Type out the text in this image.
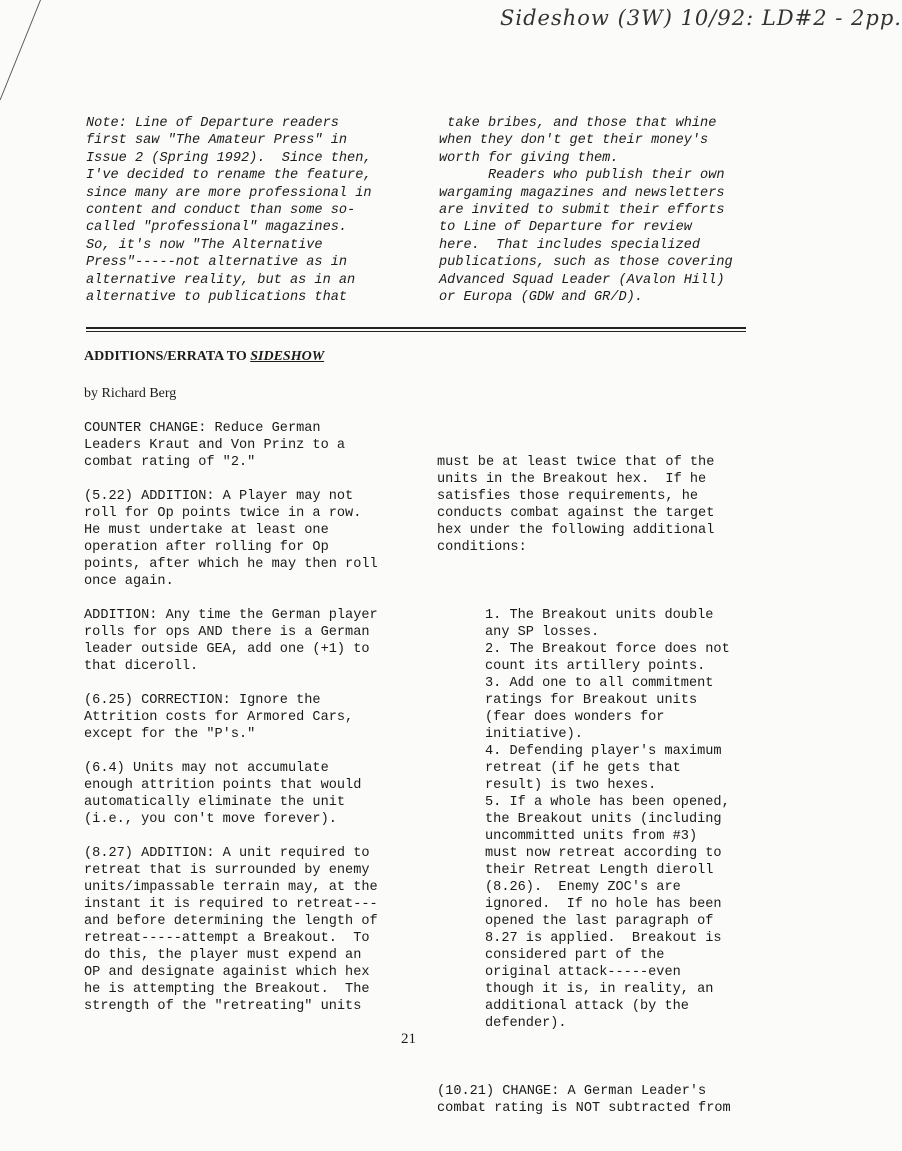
Sideshow (3W) 10/92: LD#2 - 2pp.
Note: Line of Departure readers
first saw "The Amateur Press" in
Issue 2 (Spring 1992).  Since then,
I've decided to rename the feature,
since many are more professional in
content and conduct than some so-
called "professional" magazines.
So, it's now "The Alternative
Press"-----not alternative as in
alternative reality, but as in an
alternative to publications that
take bribes, and those that whine
when they don't get their money's
worth for giving them.
Readers who publish their own
wargaming magazines and newsletters
are invited to submit their efforts
to Line of Departure for review
here.  That includes specialized
publications, such as those covering
Advanced Squad Leader (Avalon Hill)
or Europa (GDW and GR/D).
ADDITIONS/ERRATA TO SIDESHOW
by Richard Berg
COUNTER CHANGE: Reduce German
Leaders Kraut and Von Prinz to a
combat rating of "2."
(5.22) ADDITION: A Player may not
roll for Op points twice in a row.
He must undertake at least one
operation after rolling for Op
points, after which he may then roll
once again.
ADDITION: Any time the German player
rolls for ops AND there is a German
leader outside GEA, add one (+1) to
that diceroll.
(6.25) CORRECTION: Ignore the
Attrition costs for Armored Cars,
except for the "P's."
(6.4) Units may not accumulate
enough attrition points that would
automatically eliminate the unit
(i.e., you con't move forever).
(8.27) ADDITION: A unit required to
retreat that is surrounded by enemy
units/impassable terrain may, at the
instant it is required to retreat---
and before determining the length of
retreat-----attempt a Breakout.  To
do this, the player must expend an
OP and designate againist which hex
he is attempting the Breakout.  The
strength of the "retreating" units

must be at least twice that of the
units in the Breakout hex.  If he
satisfies those requirements, he
conducts combat against the target
hex under the following additional
conditions:

1. The Breakout units double
any SP losses.
2. The Breakout force does not
count its artillery points.
3. Add one to all commitment
ratings for Breakout units
(fear does wonders for
initiative).
4. Defending player's maximum
retreat (if he gets that
result) is two hexes.
5. If a whole has been opened,
the Breakout units (including
uncommitted units from #3)
must now retreat according to
their Retreat Length dieroll
(8.26).  Enemy ZOC's are
ignored.  If no hole has been
opened the last paragraph of
8.27 is applied.  Breakout is
considered part of the
original attack-----even
though it is, in reality, an
additional attack (by the
defender).

(10.21) CHANGE: A German Leader's
combat rating is NOT subtracted from

21
